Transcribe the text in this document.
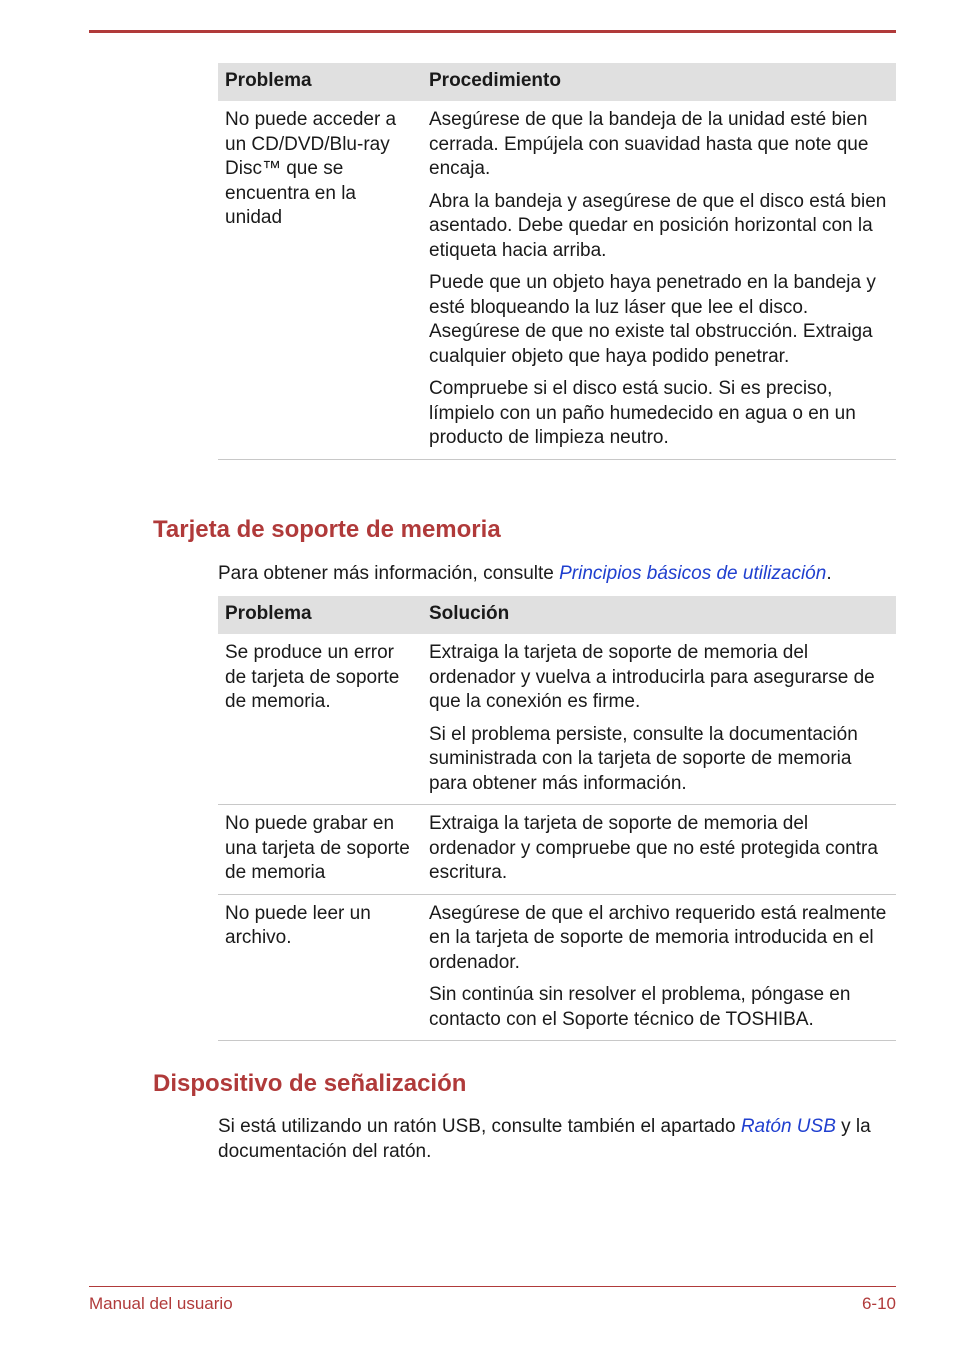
Problema	Procedimiento
No puede acceder a un CD/DVD/Blu-ray Disc™ que se encuentra en la unidad	Asegúrese de que la bandeja de la unidad esté bien cerrada. Empújela con suavidad hasta que note que encaja.

Abra la bandeja y asegúrese de que el disco está bien asentado. Debe quedar en posición horizontal con la etiqueta hacia arriba.

Puede que un objeto haya penetrado en la bandeja y esté bloqueando la luz láser que lee el disco. Asegúrese de que no existe tal obstrucción. Extraiga cualquier objeto que haya podido penetrar.

Compruebe si el disco está sucio. Si es preciso, límpielo con un paño humedecido en agua o en un producto de limpieza neutro.

Tarjeta de soporte de memoria

Para obtener más información, consulte Principios básicos de utilización.

Problema	Solución
Se produce un error de tarjeta de soporte de memoria.	Extraiga la tarjeta de soporte de memoria del ordenador y vuelva a introducirla para asegurarse de que la conexión es firme.

Si el problema persiste, consulte la documentación suministrada con la tarjeta de soporte de memoria para obtener más información.

No puede grabar en una tarjeta de soporte de memoria	Extraiga la tarjeta de soporte de memoria del ordenador y compruebe que no esté protegida contra escritura.

No puede leer un archivo.	Asegúrese de que el archivo requerido está realmente en la tarjeta de soporte de memoria introducida en el ordenador.

Sin continúa sin resolver el problema, póngase en contacto con el Soporte técnico de TOSHIBA.

Dispositivo de señalización

Si está utilizando un ratón USB, consulte también el apartado Ratón USB y la documentación del ratón.

Manual del usuario	6-10
